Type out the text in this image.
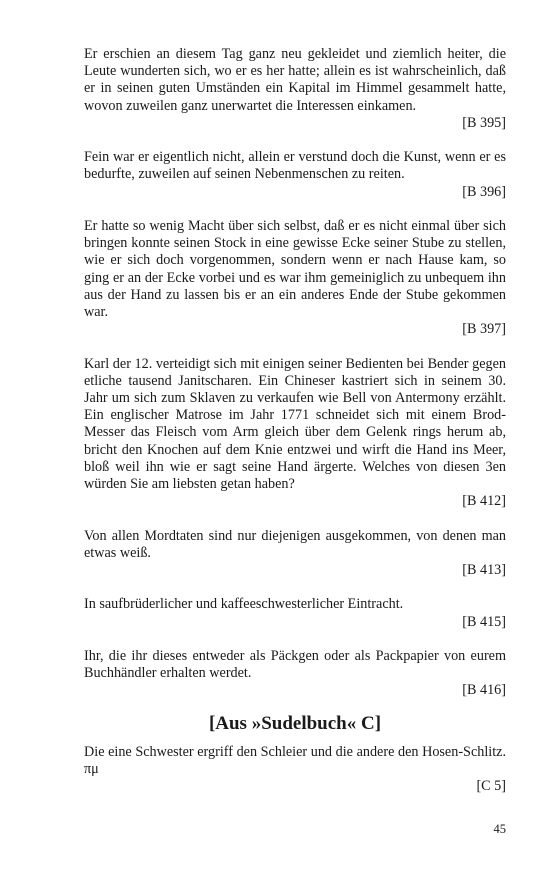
Er erschien an diesem Tag ganz neu gekleidet und ziemlich heiter, die Leute wunderten sich, wo er es her hatte; allein es ist wahrscheinlich, daß er in seinen guten Umständen ein Kapital im Himmel gesammelt hatte, wovon zuweilen ganz unerwartet die Interessen einkamen.

[B 395]

Fein war er eigentlich nicht, allein er verstund doch die Kunst, wenn er es bedurfte, zuweilen auf seinen Nebenmenschen zu reiten.

[B 396]

Er hatte so wenig Macht über sich selbst, daß er es nicht einmal über sich bringen konnte seinen Stock in eine gewisse Ecke seiner Stube zu stellen, wie er sich doch vorgenommen, sondern wenn er nach Hause kam, so ging er an der Ecke vorbei und es war ihm gemeiniglich zu unbequem ihn aus der Hand zu lassen bis er an ein anderes Ende der Stube gekommen war.

[B 397]

Karl der 12. verteidigt sich mit einigen seiner Bedienten bei Bender gegen etliche tausend Janitscharen. Ein Chineser kastriert sich in seinem 30. Jahr um sich zum Sklaven zu verkaufen wie Bell von Antermony erzählt. Ein englischer Matrose im Jahr 1771 schneidet sich mit einem Brod-Messer das Fleisch vom Arm gleich über dem Gelenk rings herum ab, bricht den Knochen auf dem Knie entzwei und wirft die Hand ins Meer, bloß weil ihn wie er sagt seine Hand ärgerte. Welches von diesen 3en würden Sie am liebsten getan haben?

[B 412]

Von allen Mordtaten sind nur diejenigen ausgekommen, von denen man etwas weiß.

[B 413]

In saufbrüderlicher und kaffeeschwesterlicher Eintracht.

[B 415]

Ihr, die ihr dieses entweder als Päckgen oder als Packpapier von eurem Buchhändler erhalten werdet.

[B 416]

[Aus »Sudelbuch« C]

Die eine Schwester ergriff den Schleier und die andere den Hosen-Schlitz. πμ

[C 5]

45
